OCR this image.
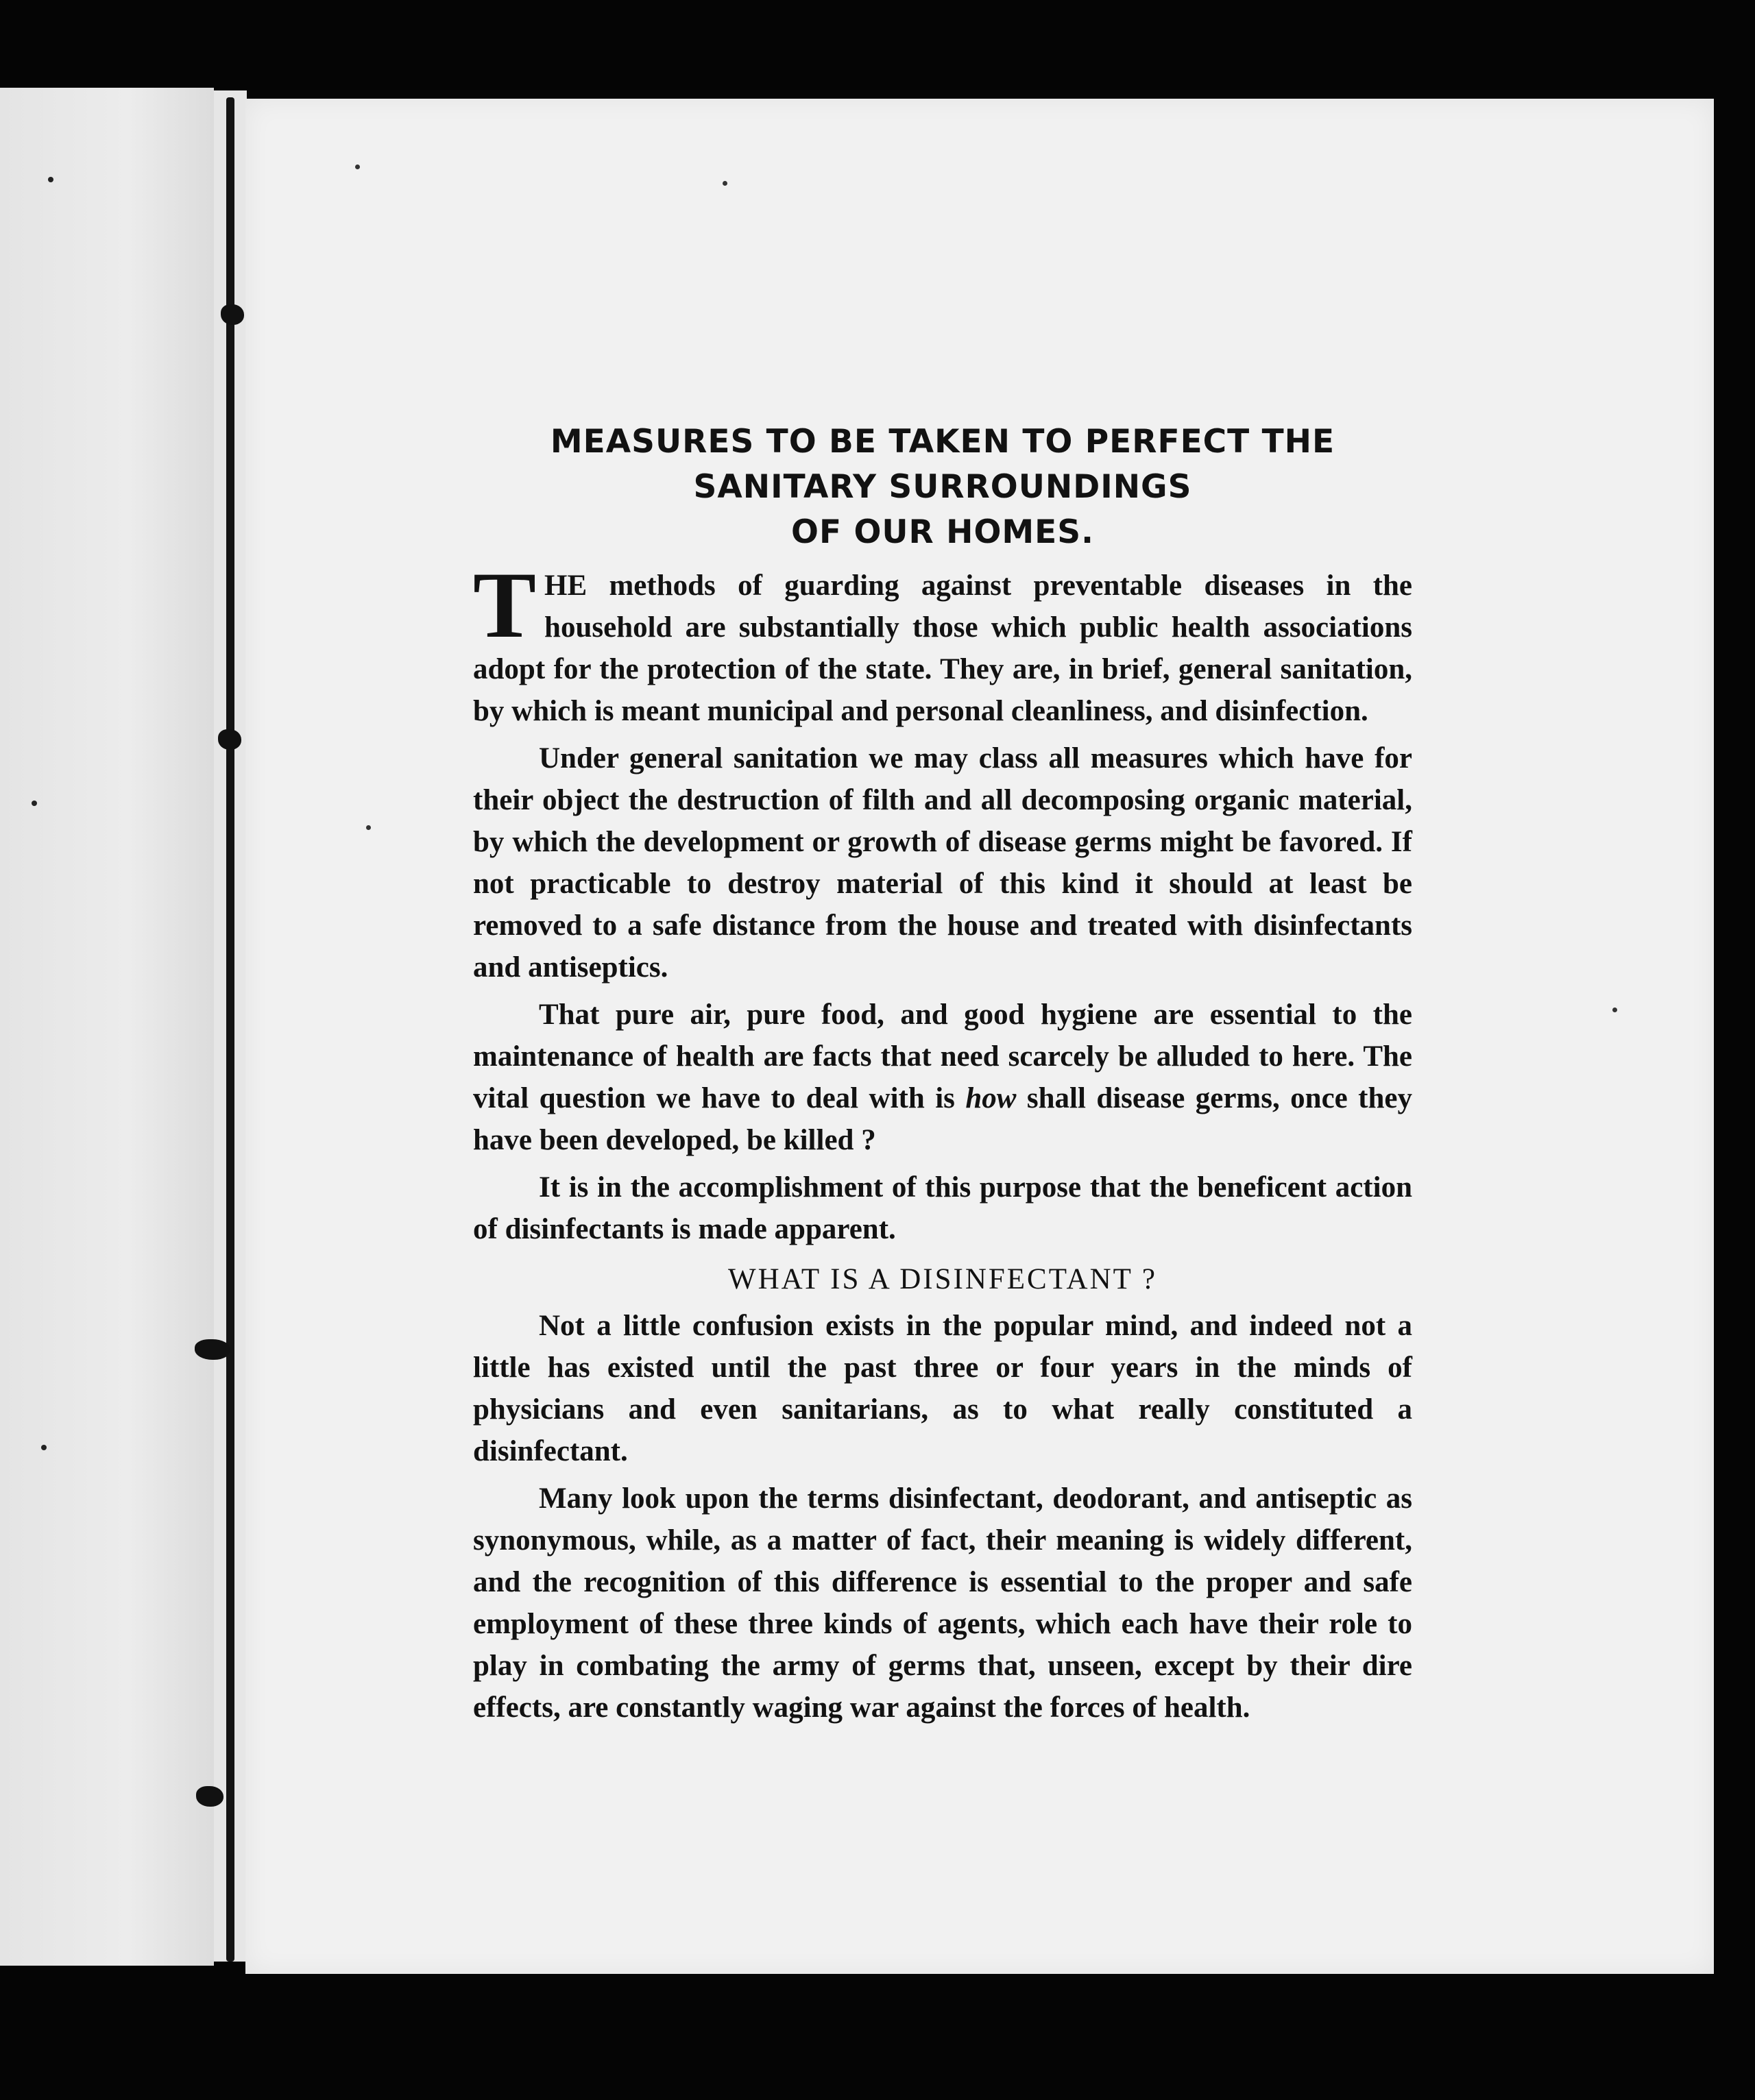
MEASURES TO BE TAKEN TO PERFECT THE
SANITARY SURROUNDINGS
OF OUR HOMES.

THE methods of guarding against preventable diseases in the household are substantially those which public health associations adopt for the protection of the state. They are, in brief, general sanitation, by which is meant municipal and personal cleanliness, and disinfection.

Under general sanitation we may class all measures which have for their object the destruction of filth and all decomposing organic material, by which the development or growth of disease germs might be favored. If not practicable to destroy material of this kind it should at least be removed to a safe distance from the house and treated with disinfectants and antiseptics.

That pure air, pure food, and good hygiene are essential to the maintenance of health are facts that need scarcely be alluded to here. The vital question we have to deal with is how shall disease germs, once they have been developed, be killed ?

It is in the accomplishment of this purpose that the beneficent action of disinfectants is made apparent.

WHAT IS A DISINFECTANT ?

Not a little confusion exists in the popular mind, and indeed not a little has existed until the past three or four years in the minds of physicians and even sanitarians, as to what really constituted a disinfectant.

Many look upon the terms disinfectant, deodorant, and antiseptic as synonymous, while, as a matter of fact, their meaning is widely different, and the recognition of this difference is essential to the proper and safe employment of these three kinds of agents, which each have their role to play in combating the army of germs that, unseen, except by their dire effects, are constantly waging war against the forces of health.
